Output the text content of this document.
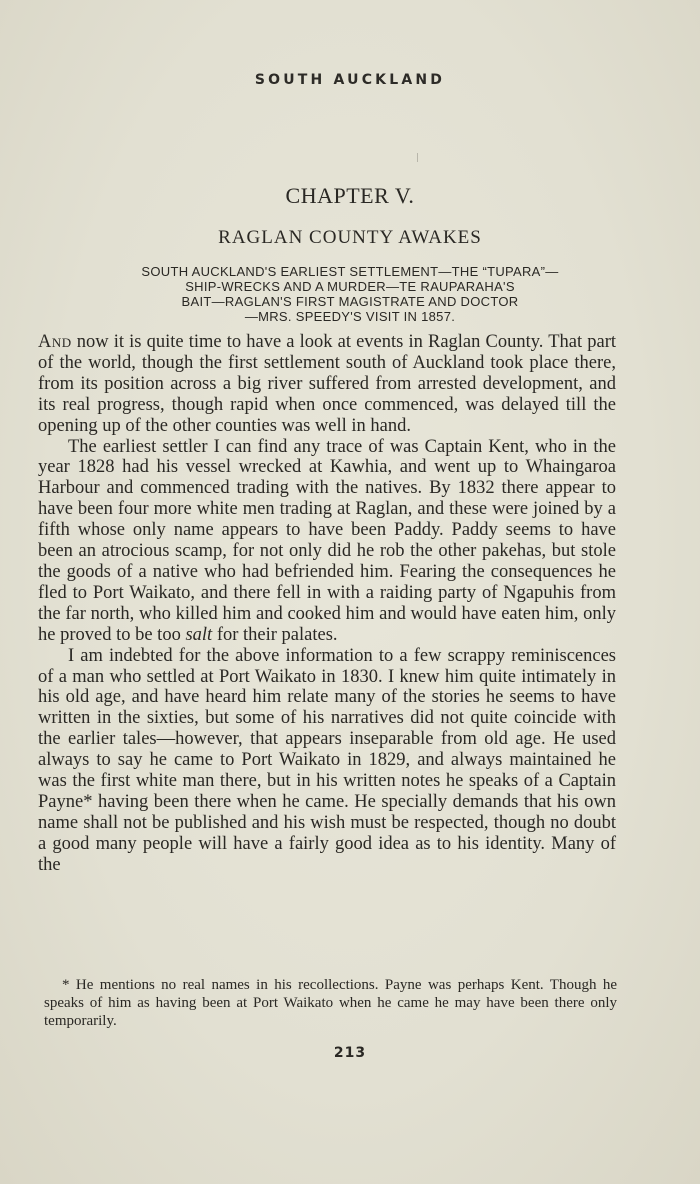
SOUTH AUCKLAND
CHAPTER V.
RAGLAN COUNTY AWAKES
SOUTH AUCKLAND'S EARLIEST SETTLEMENT—THE “TUPARA”—
SHIP-WRECKS AND A MURDER—TE RAUPARAHA'S
BAIT—RAGLAN'S FIRST MAGISTRATE AND DOCTOR
—MRS. SPEEDY'S VISIT IN 1857.

And now it is quite time to have a look at events in Raglan County. That part of the world, though the first settlement south of Auckland took place there, from its position across a big river suffered from arrested development, and its real progress, though rapid when once commenced, was delayed till the opening up of the other counties was well in hand.

The earliest settler I can find any trace of was Captain Kent, who in the year 1828 had his vessel wrecked at Kawhia, and went up to Whaingaroa Harbour and commenced trading with the natives. By 1832 there appear to have been four more white men trading at Raglan, and these were joined by a fifth whose only name appears to have been Paddy. Paddy seems to have been an atrocious scamp, for not only did he rob the other pakehas, but stole the goods of a native who had befriended him. Fearing the consequences he fled to Port Waikato, and there fell in with a raiding party of Ngapuhis from the far north, who killed him and cooked him and would have eaten him, only he proved to be too salt for their palates.

I am indebted for the above information to a few scrappy reminiscences of a man who settled at Port Waikato in 1830. I knew him quite intimately in his old age, and have heard him relate many of the stories he seems to have written in the sixties, but some of his narratives did not quite coincide with the earlier tales—however, that appears inseparable from old age. He used always to say he came to Port Waikato in 1829, and always maintained he was the first white man there, but in his written notes he speaks of a Captain Payne* having been there when he came. He specially demands that his own name shall not be published and his wish must be respected, though no doubt a good many people will have a fairly good idea as to his identity. Many of the

* He mentions no real names in his recollections. Payne was perhaps Kent. Though he speaks of him as having been at Port Waikato when he came he may have been there only temporarily.

213
